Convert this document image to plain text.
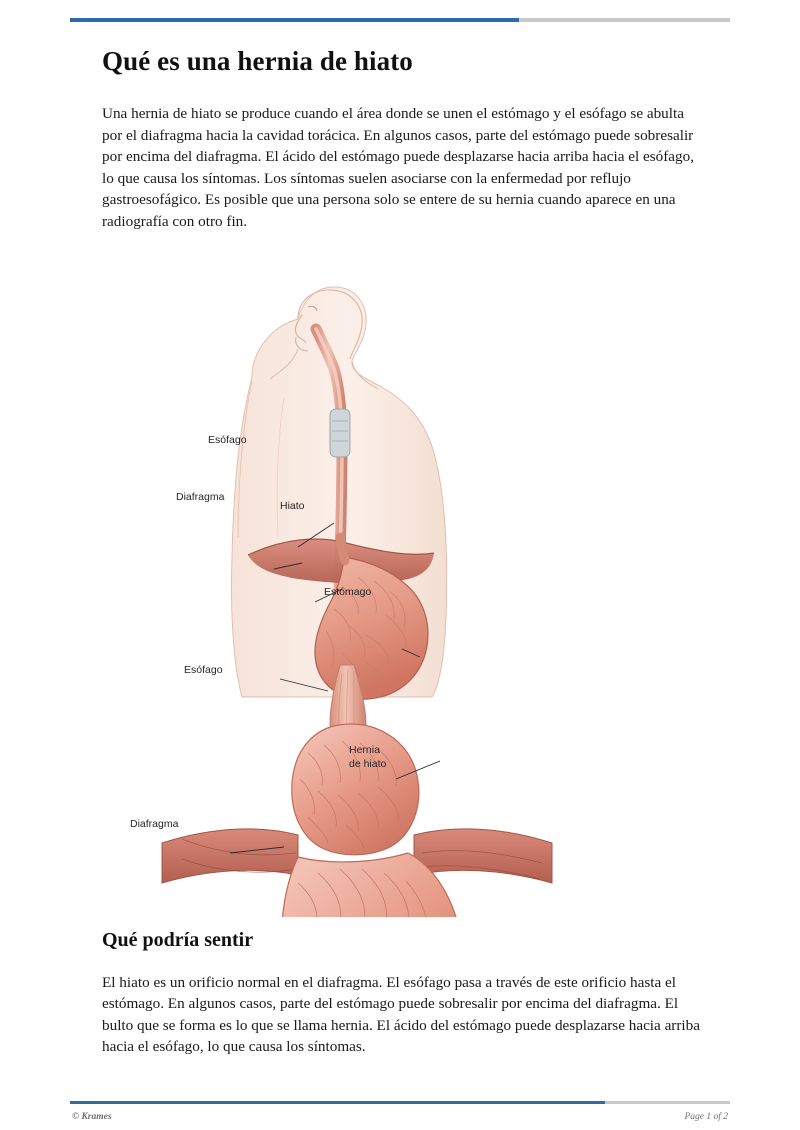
Qué es una hernia de hiato

Una hernia de hiato se produce cuando el área donde se unen el estómago y el esófago se abulta por el diafragma hacia la cavidad torácica. En algunos casos, parte del estómago puede sobresalir por encima del diafragma. El ácido del estómago puede desplazarse hacia arriba hacia el esófago, lo que causa los síntomas. Los síntomas suelen asociarse con la enfermedad por reflujo gastroesofágico. Es posible que una persona solo se entere de su hernia cuando aparece en una radiografía con otro fin.

Esófago
Diafragma
Hiato
Estómago
Esófago
Hernia
de hiato
Diafragma
Qué podría sentir

El hiato es un orificio normal en el diafragma. El esófago pasa a través de este orificio hasta el estómago. En algunos casos, parte del estómago puede sobresalir por encima del diafragma. El bulto que se forma es lo que se llama hernia. El ácido del estómago puede desplazarse hacia arriba hacia el esófago, lo que causa los síntomas.

© Krames	Page 1 of 2
